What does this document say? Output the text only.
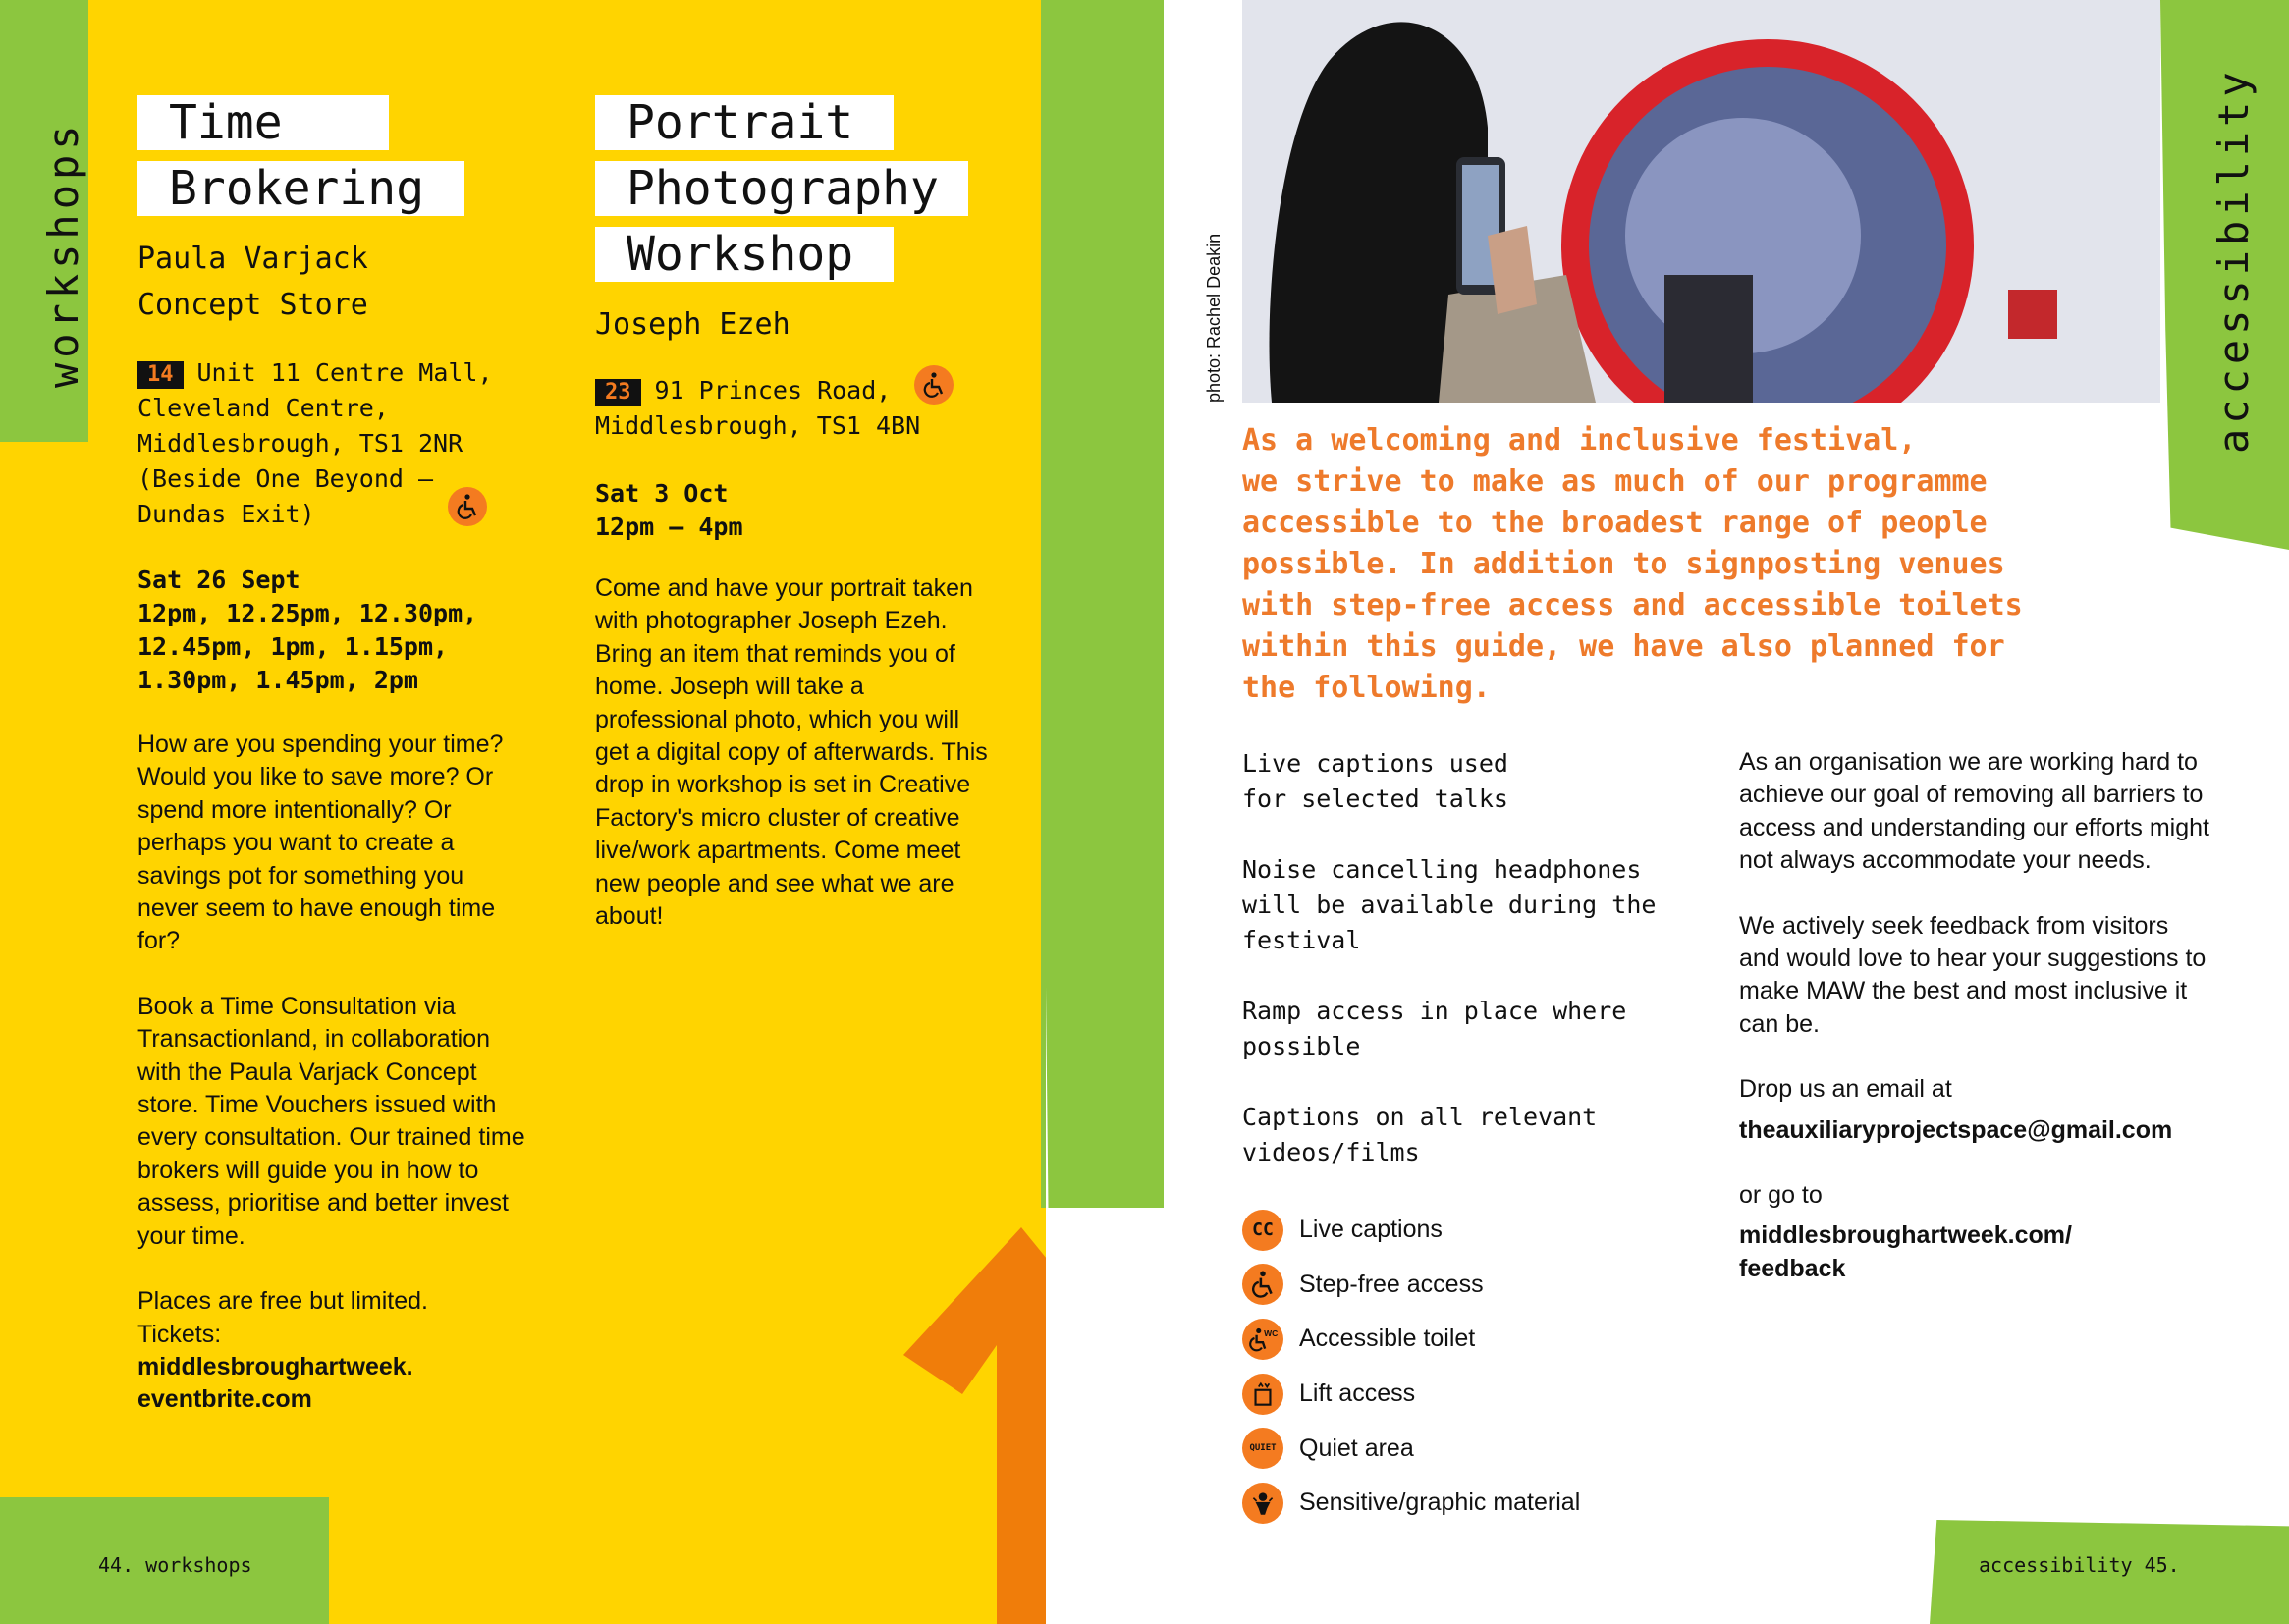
workshops	Time
Brokering
Paula Varjack
Concept Store
14 Unit 11 Centre Mall,
Cleveland Centre,
Middlesbrough, TS1 2NR
(Beside One Beyond –
Dundas Exit)
Sat 26 Sept
12pm, 12.25pm, 12.30pm,
12.45pm, 1pm, 1.15pm,
1.30pm, 1.45pm, 2pm

How are you spending your time? Would you like to save more? Or spend more intentionally? Or perhaps you want to create a savings pot for something you never seem to have enough time for?

Book a Time Consultation via Transactionland, in collaboration with the Paula Varjack Concept store. Time Vouchers issued with every consultation. Our trained time brokers will guide you in how to assess, prioritise and better invest your time.

Places are free but limited.
Tickets:
middlesbroughartweek.
eventbrite.com
Portrait
Photography
Workshop
Joseph Ezeh
23 91 Princes Road,
Middlesbrough, TS1 4BN
Sat 3 Oct
12pm – 4pm
Come and have your portrait taken with photographer Joseph Ezeh. Bring an item that reminds you of home. Joseph will take a professional photo, which you will get a digital copy of afterwards. This drop in workshop is set in Creative Factory's micro cluster of creative live/work apartments. Come meet new people and see what we are about!
44. workshops
photo: Rachel Deakin	accessibility
As a welcoming and inclusive festival,
we strive to make as much of our programme
accessible to the broadest range of people
possible. In addition to signposting venues
with step-free access and accessible toilets
within this guide, we have also planned for
the following.

Live captions used
for selected talks

Noise cancelling headphones
will be available during the
festival

Ramp access in place where
possible

Captions on all relevant
videos/films

CC Live captions
Step-free access
WC Accessible toilet
Lift access
QUIET Quiet area
Sensitive/graphic material

As an organisation we are working hard to achieve our goal of removing all barriers to access and understanding our efforts might not always accommodate your needs.

We actively seek feedback from visitors and would love to hear your suggestions to make MAW the best and most inclusive it can be.

Drop us an email at

theauxiliaryprojectspace@gmail.com

or go to
middlesbroughartweek.com/
feedback
accessibility 45.
